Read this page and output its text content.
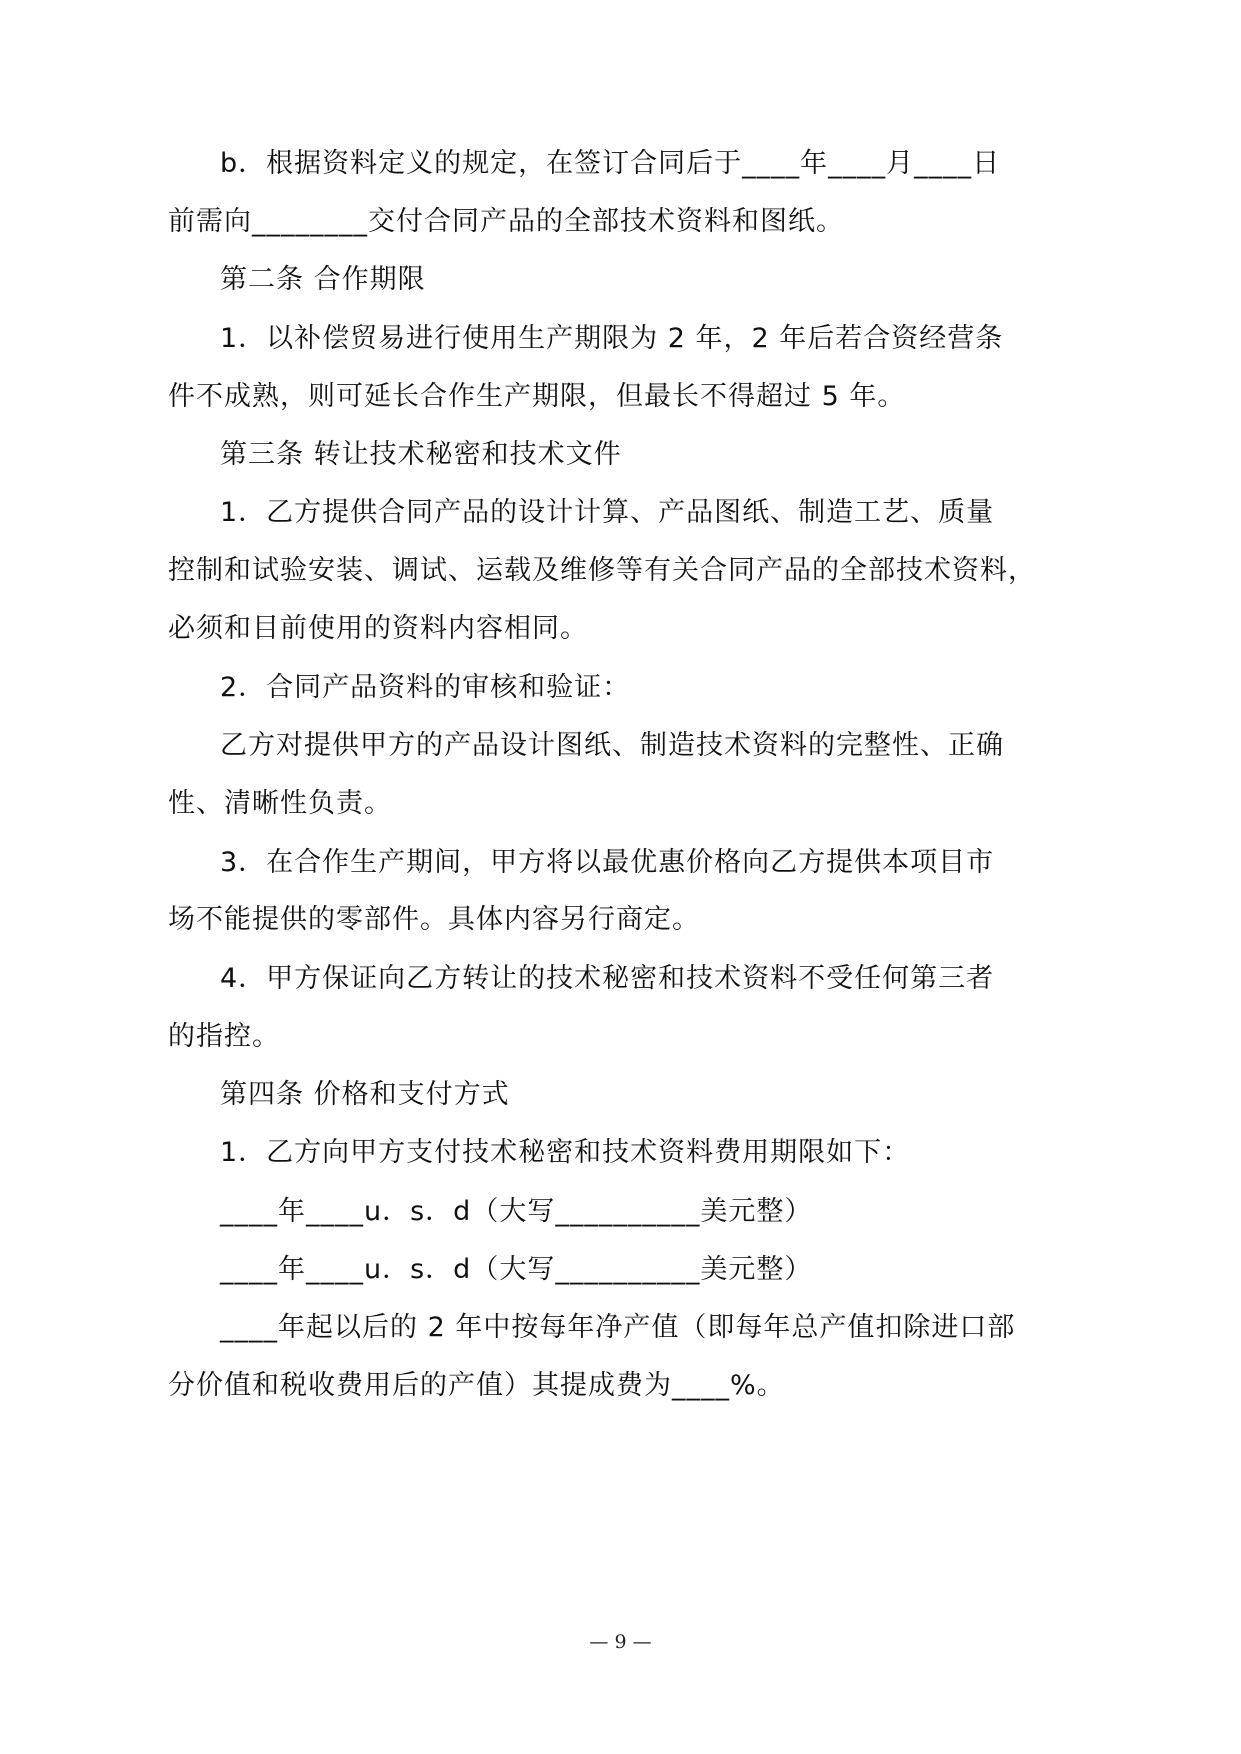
b．根据资料定义的规定，在签订合同后于____年____月____日
前需向________交付合同产品的全部技术资料和图纸。
第二条 合作期限
1．以补偿贸易进行使用生产期限为 2 年，2 年后若合资经营条
件不成熟，则可延长合作生产期限，但最长不得超过 5 年。
第三条 转让技术秘密和技术文件
1．乙方提供合同产品的设计计算、产品图纸、制造工艺、质量
控制和试验安装、调试、运载及维修等有关合同产品的全部技术资料，
必须和目前使用的资料内容相同。
2．合同产品资料的审核和验证：
乙方对提供甲方的产品设计图纸、制造技术资料的完整性、正确
性、清晰性负责。
3．在合作生产期间，甲方将以最优惠价格向乙方提供本项目市
场不能提供的零部件。具体内容另行商定。
4．甲方保证向乙方转让的技术秘密和技术资料不受任何第三者
的指控。
第四条 价格和支付方式
1．乙方向甲方支付技术秘密和技术资料费用期限如下：
____年____u．s．d（大写__________美元整）
____年____u．s．d（大写__________美元整）
____年起以后的 2 年中按每年净产值（即每年总产值扣除进口部
分价值和税收费用后的产值）其提成费为____%。
— 9 —
